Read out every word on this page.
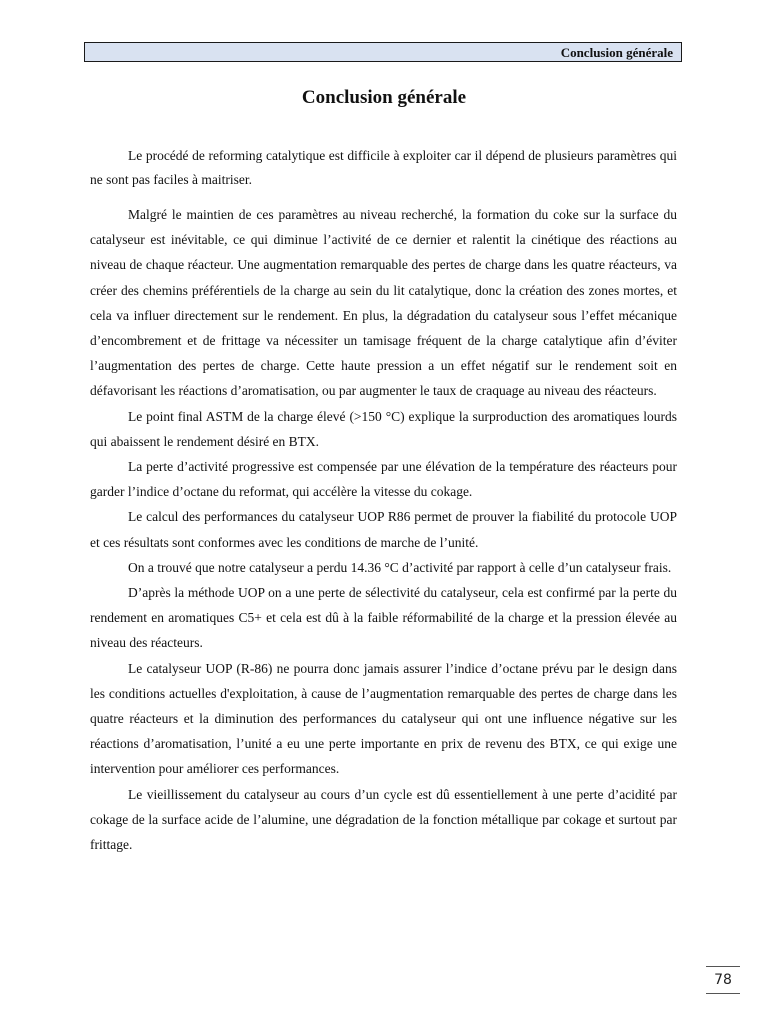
Conclusion générale
Conclusion générale

Le procédé de reforming catalytique est difficile à exploiter car il dépend de plusieurs paramètres qui ne sont pas faciles à maitriser.

Malgré le maintien de ces paramètres au niveau recherché, la formation du coke sur la surface du catalyseur est inévitable, ce qui diminue l’activité de ce dernier et ralentit la cinétique des réactions au niveau de chaque réacteur. Une augmentation remarquable des pertes de charge dans les quatre réacteurs, va créer des chemins préférentiels de la charge au sein du lit catalytique, donc la création des zones mortes, et cela va influer directement sur le rendement. En plus, la dégradation du catalyseur sous l’effet mécanique d’encombrement et de frittage va nécessiter un tamisage fréquent de la charge catalytique afin d’éviter l’augmentation des pertes de charge. Cette haute pression a un effet négatif sur le rendement soit en défavorisant les réactions d’aromatisation, ou par augmenter le taux de craquage au niveau des réacteurs.

Le point final ASTM de la charge élevé (>150 °C) explique la surproduction des aromatiques lourds qui abaissent le rendement désiré en BTX.

La perte d’activité progressive est compensée par une élévation de la température des réacteurs pour garder l’indice d’octane du reformat, qui accélère la vitesse du cokage.

Le calcul des performances du catalyseur UOP R86 permet de prouver la fiabilité du protocole UOP et ces résultats sont conformes avec les conditions de marche de l’unité.

On a trouvé que notre catalyseur a perdu 14.36 °C d’activité par rapport à celle d’un catalyseur frais.

D’après la méthode UOP on a une perte de sélectivité du catalyseur, cela est confirmé par la perte du rendement en aromatiques C5+ et cela est dû à la faible réformabilité de la charge et la pression élevée au niveau des réacteurs.

Le catalyseur UOP (R-86) ne pourra donc jamais assurer l’indice d’octane prévu par le design dans les conditions actuelles d'exploitation, à cause de l’augmentation remarquable des pertes de charge dans les quatre réacteurs et la diminution des performances du catalyseur qui ont une influence négative sur les réactions d’aromatisation, l’unité a eu une perte importante en prix de revenu des BTX, ce qui exige une intervention pour améliorer ces performances.

Le vieillissement du catalyseur au cours d’un cycle est dû essentiellement à une perte d’acidité par cokage de la surface acide de l’alumine, une dégradation de la fonction métallique par cokage et surtout par frittage.

78
